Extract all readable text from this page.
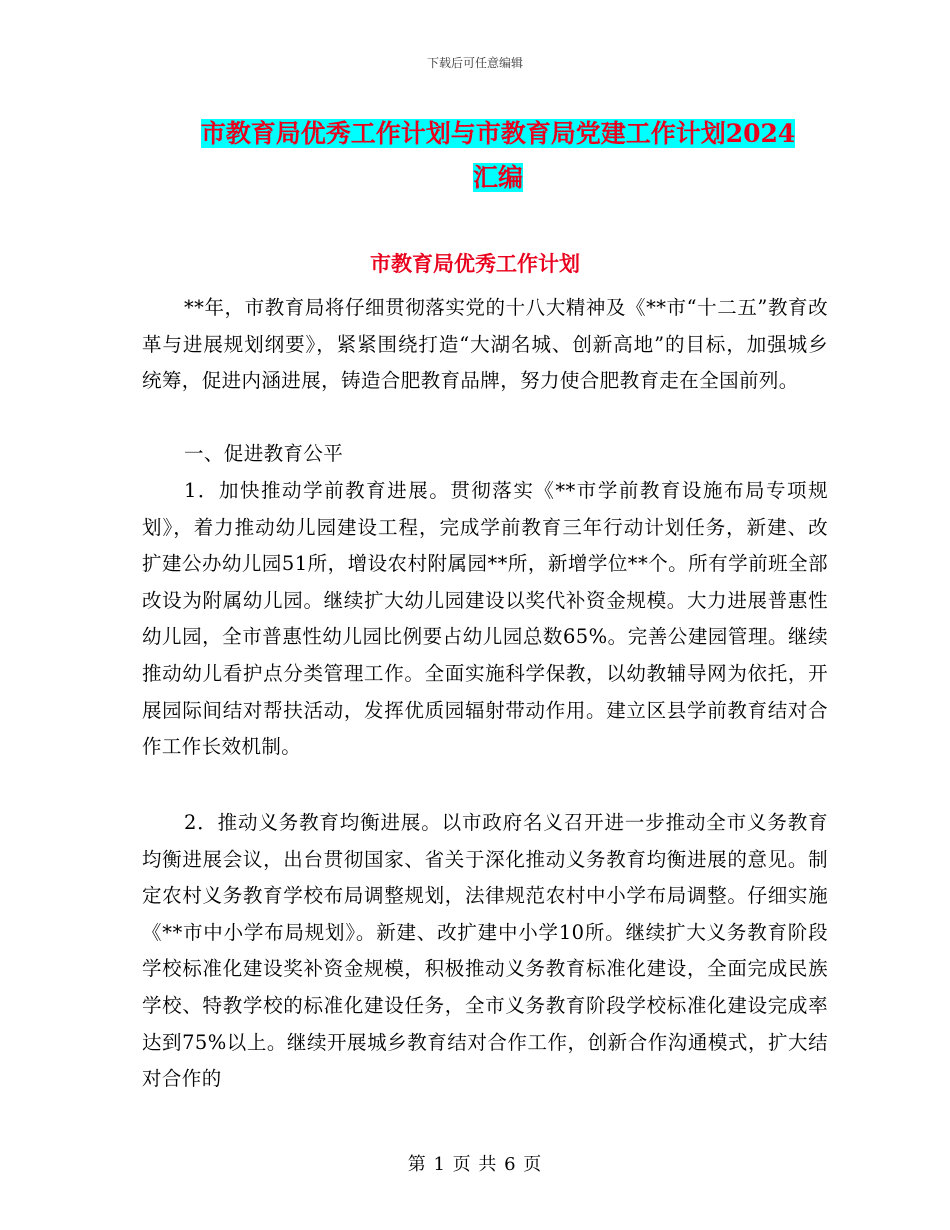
下载后可任意编辑
市教育局优秀工作计划与市教育局党建工作计划2024
汇编
市教育局优秀工作计划

**年，市教育局将仔细贯彻落实党的十八大精神及《**市“十二五”教育改革与进展规划纲要》，紧紧围绕打造“大湖名城、创新高地”的目标，加强城乡统筹，促进内涵进展，铸造合肥教育品牌，努力使合肥教育走在全国前列。

一、促进教育公平

1．加快推动学前教育进展。贯彻落实《**市学前教育设施布局专项规划》，着力推动幼儿园建设工程，完成学前教育三年行动计划任务，新建、改扩建公办幼儿园51所，增设农村附属园**所，新增学位**个。所有学前班全部改设为附属幼儿园。继续扩大幼儿园建设以奖代补资金规模。大力进展普惠性幼儿园，全市普惠性幼儿园比例要占幼儿园总数65%。完善公建园管理。继续推动幼儿看护点分类管理工作。全面实施科学保教，以幼教辅导网为依托，开展园际间结对帮扶活动，发挥优质园辐射带动作用。建立区县学前教育结对合作工作长效机制。

2．推动义务教育均衡进展。以市政府名义召开进一步推动全市义务教育均衡进展会议，出台贯彻国家、省关于深化推动义务教育均衡进展的意见。制定农村义务教育学校布局调整规划，法律规范农村中小学布局调整。仔细实施《**市中小学布局规划》。新建、改扩建中小学10所。继续扩大义务教育阶段学校标准化建设奖补资金规模，积极推动义务教育标准化建设，全面完成民族学校、特教学校的标准化建设任务，全市义务教育阶段学校标准化建设完成率达到75%以上。继续开展城乡教育结对合作工作，创新合作沟通模式，扩大结对合作的

第 1 页 共 6 页
